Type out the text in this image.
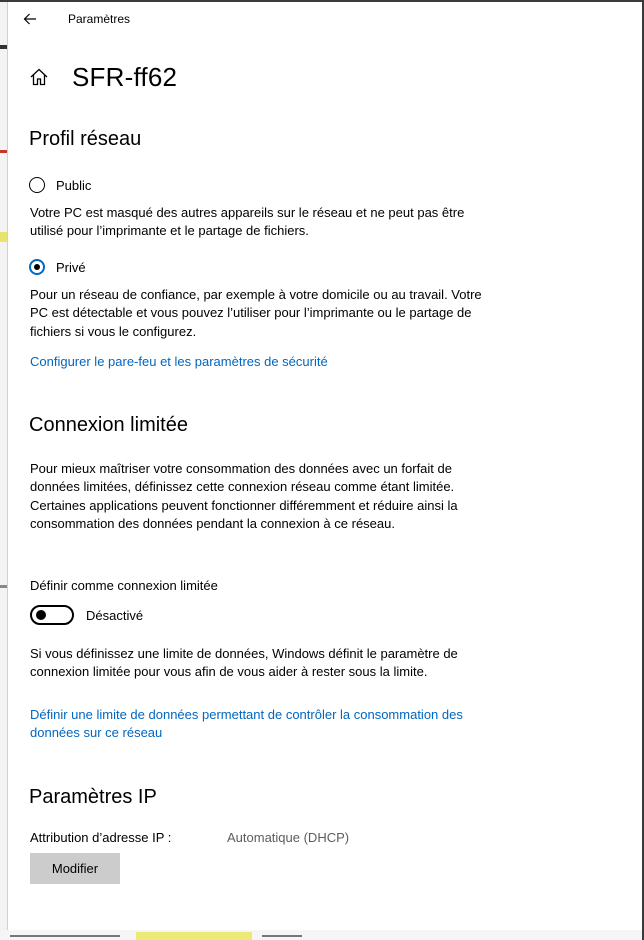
Paramètres
SFR-ff62
Profil réseau
Public
Votre PC est masqué des autres appareils sur le réseau et ne peut pas être utilisé pour l’imprimante et le partage de fichiers.
Privé
Pour un réseau de confiance, par exemple à votre domicile ou au travail. Votre PC est détectable et vous pouvez l’utiliser pour l’imprimante ou le partage de fichiers si vous le configurez.
Configurer le pare-feu et les paramètres de sécurité
Connexion limitée
Pour mieux maîtriser votre consommation des données avec un forfait de données limitées, définissez cette connexion réseau comme étant limitée. Certaines applications peuvent fonctionner différemment et réduire ainsi la consommation des données pendant la connexion à ce réseau.
Définir comme connexion limitée
Désactivé
Si vous définissez une limite de données, Windows définit le paramètre de connexion limitée pour vous afin de vous aider à rester sous la limite.
Définir une limite de données permettant de contrôler la consommation des données sur ce réseau
Paramètres IP
Attribution d’adresse IP :	Automatique (DHCP)
Modifier
